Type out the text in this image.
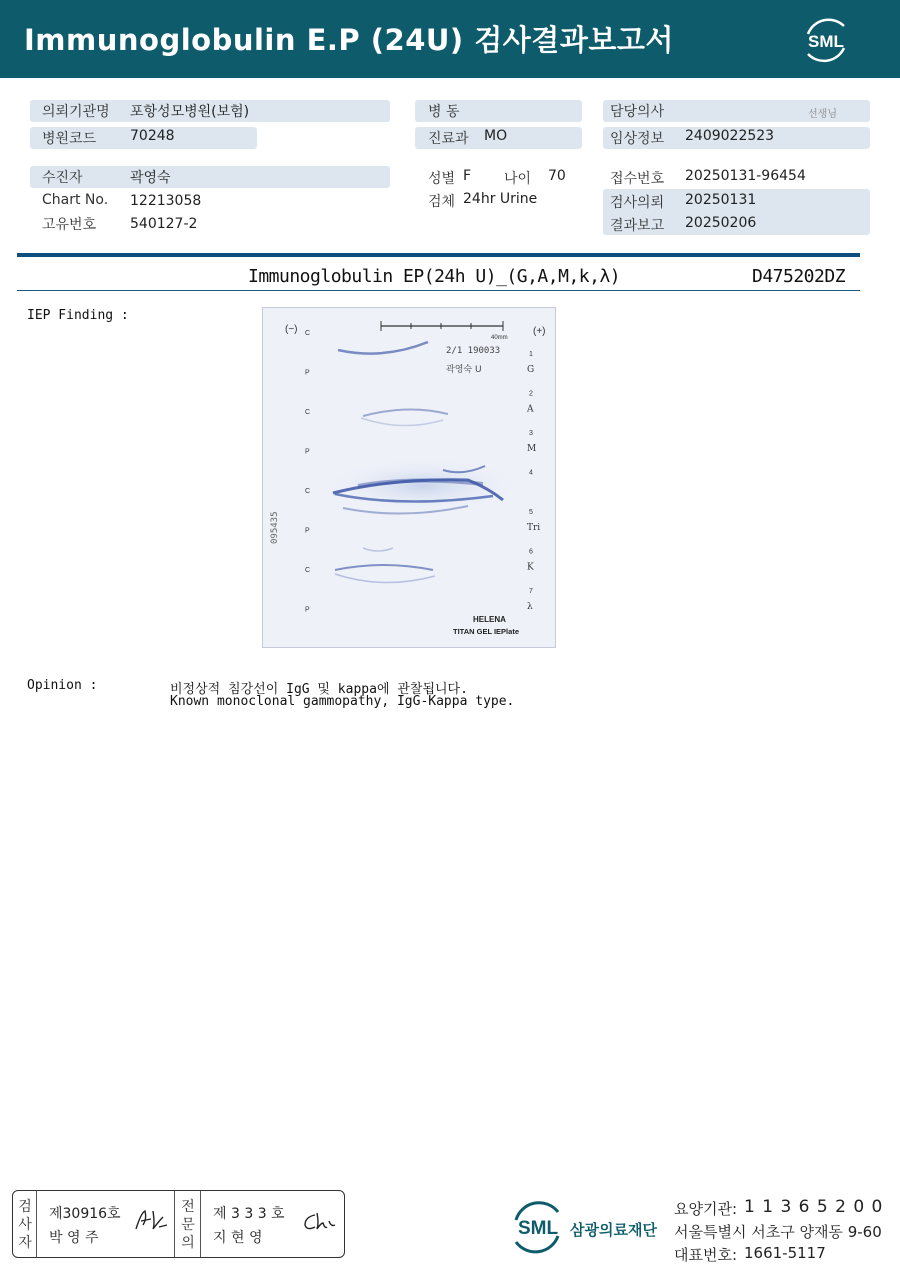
Immunoglobulin E.P (24U) 검사결과보고서	SML
의뢰기관명 포항성모병원(보험)
병원코드 70248
수진자	곽영숙
Chart No. 12213058
고유번호 540127-2
병 동
진료과 MO
성별 F 나이 70
검체 24hr Urine
담당의사	선생님
임상정보 2409022523
접수번호 20250131-96454
검사의뢰 20250131
결과보고 20250206
Immunoglobulin EP(24h U)_(G,A,M,k,λ)	D475202DZ
IEP Finding :
40mm
(−)	(+)
2/1 190033
곽영숙 U
095435
C
P
C
P
C
P
C
P
1
G
2
A
3
M
4
5
Tri
6
K
7
λ
HELENA
TITAN GEL IEPlate
Opinion :	비정상적 침강선이 IgG 및 kappa에 관찰됩니다.
Known monoclonal gammopathy, IgG-Kappa type.
검
사
자
제30916호
박 영 주
전
문
의
제 3 3 3 호
지 현 영	SML 삼광의료재단
요양기관: 1 1 3 6 5 2 0 0
서울특별시 서초구 양재동 9-60
대표번호: 1661-5117
